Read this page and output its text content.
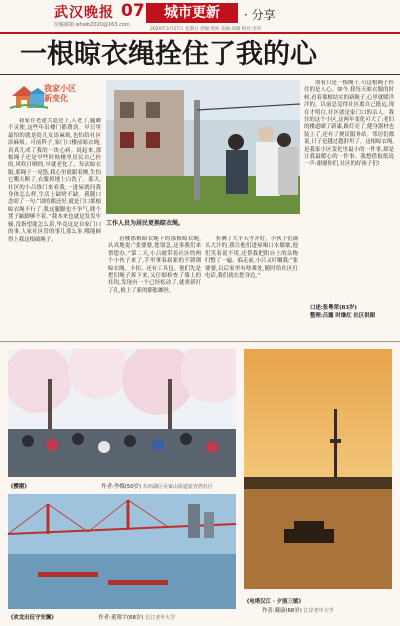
武汉晚报 07
征稿邮箱:whwb2020@163.com
城市更新	· 分享
2020年3月27日 星期五 责编:周宛 美编:胡湖 校对:李军
一根晾衣绳拴住了我的心
我家小区
新变化

我家在老建大道边上,人老了,腿脚不灵便,这些年出楼门都费劲。早日里最怕的就是给儿女添麻烦,也怕给社区添麻烦。可前阵子,家门口楼前晾衣绳,真真儿成了我的一块心病。说起来,那根绳子还是早些时候楼里居民自己拴的,风吹日晒的,早就老化了。每次晾衣服,那绳子一晃悠,我心里就跟着颤,生怕它哪天断了,衣服掉地上白洗了。那天,社区的小吕推门来看我,一进屋就问我身体怎么样,生活上缺啥不缺。我随口念叨了一句:“别的都还好,就是门口那根晾衣绳不行了,我这腿脚也不争气,爬个凳子踮脚够不着。”我本来也就是发发牢骚,没指望能怎么着,毕竟这是自家门口的事,人家社区管的事儿那么多,哪能顾得上我这根破绳子。

工作人员为居民更换晾衣绳。

看楼那根晾衣绳下的那根晾衣绳,认真地说:“张婆婆,您别急,这事我们来帮您办。”第二天,小吕就带着社区的两个小伙子来了,手里拿着崭新的不锈钢晾衣绳、卡扣、还有工具包。他们先是把旧绳子拆下来,又仔细检查了墙上的挂钩,发现有一个已经松动了,就重新打了孔,换上了新的膨胀螺丝。

折腾了大半天才弄好。小伙子们满头大汗的,我让他们进屋喝口水歇歇,他们笑着说不用,还帮我把阳台上的杂物归整了一遍。临走前,小吕又叮嘱我:“张婆婆,以后家里有啥难处,随时给社区打电话,我们就在您身边。”

别看只是一根绳子,可这根绳子拴住的是人心。如今,我每天晾衣服的时候,看着那根结实的新绳子,心里就暖洋洋的。以前总觉得社区离自己挺远,现在才明白,社区就是家门口的亲人。我住的这个小区,这两年变化可大了:老旧的楼道刷了新漆,路灯亮了,健身器材也装上了,还有了便民服务站。邻居们都说,日子是越过越舒坦了。这根晾衣绳,是我家小区变化里最小的一件事,却是让我最暖心的一件事。我想借报纸说一声:谢谢你们,社区的好孩子们!

口述:张粤荣(83岁)
整理:吕露 时继红 社区供图
《樱潮》	作者:李娜(50岁) 东西湖区吴家山街道银杏湾社区
《电塔汉江 · 夕照三镇》
作者:戴康(68岁) 江岸老年大学
《欢龙出征守安澜》	作者:董翔宇(68岁) 长江老年大学
